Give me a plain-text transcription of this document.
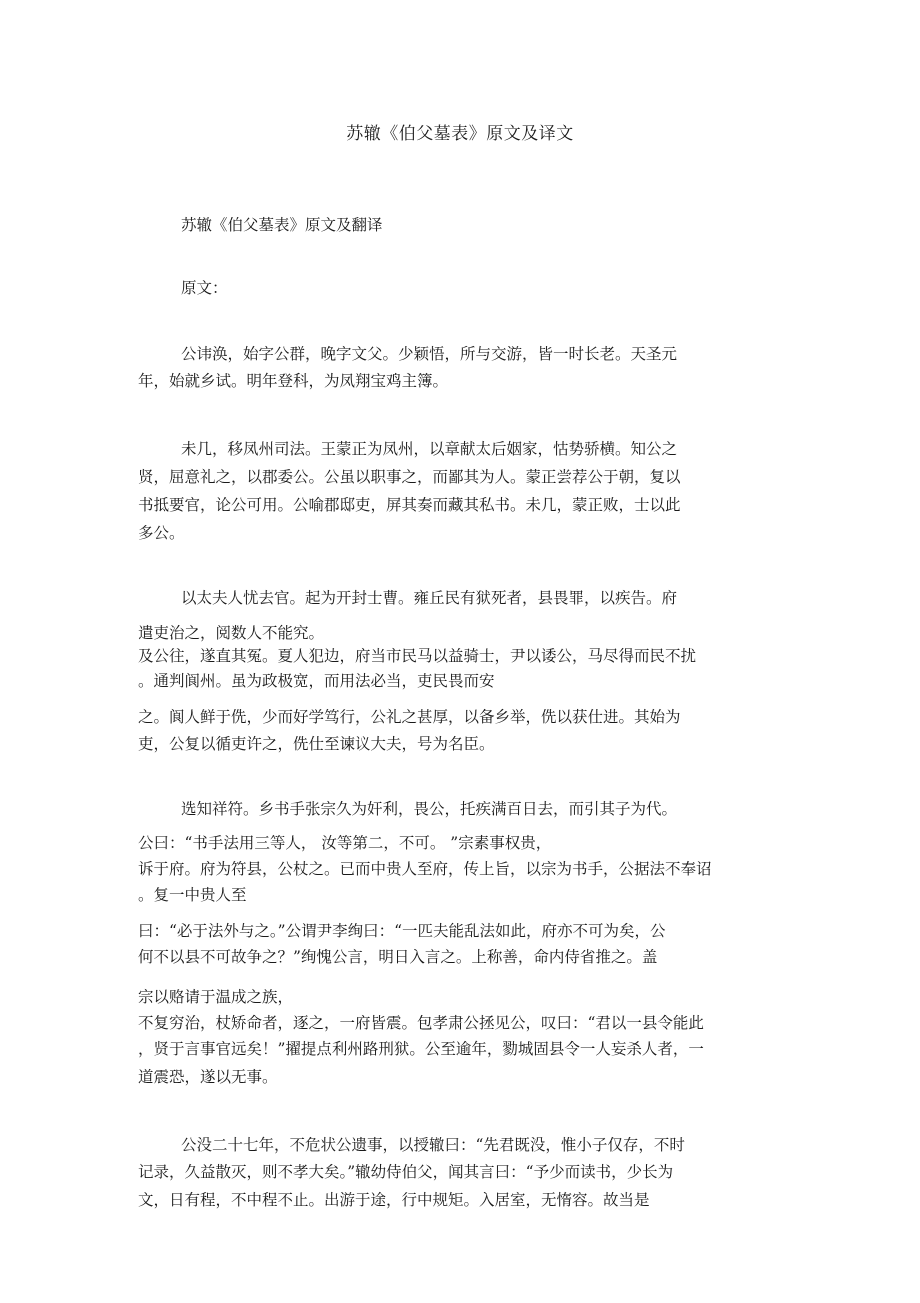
苏辙《伯父墓表》原文及译文
苏辙《伯父墓表》原文及翻译
原文：
公讳涣，始字公群，晚字文父。少颖悟，所与交游，皆一时长老。天圣元
年，始就乡试。明年登科，为凤翔宝鸡主簿。
未几，移凤州司法。王蒙正为凤州，以章献太后姻家，怙势骄横。知公之
贤，屈意礼之，以郡委公。公虽以职事之，而鄙其为人。蒙正尝荐公于朝，复以
书抵要官，论公可用。公喻郡邸吏，屏其奏而藏其私书。未几，蒙正败，士以此
多公。
以太夫人忧去官。起为开封士曹。雍丘民有狱死者，县畏罪，以疾告。府
遣吏治之，阅数人不能究。
及公往，遂直其冤。夏人犯边，府当市民马以益骑士，尹以诿公，马尽得而民不扰
。通判阆州。虽为政极宽，而用法必当，吏民畏而安
之。阆人鲜于侁，少而好学笃行，公礼之甚厚，以备乡举，侁以获仕进。其始为
吏，公复以循吏许之，侁仕至谏议大夫，号为名臣。
选知祥符。乡书手张宗久为奸利，畏公，托疾满百日去，而引其子为代。
公曰：“书手法用三等人， 汝等第二，不可。 ”宗素事权贵，
诉于府。府为符县，公杖之。已而中贵人至府，传上旨，以宗为书手，公据法不奉诏
。复一中贵人至
曰：“必于法外与之。”公谓尹李绚曰：“一匹夫能乱法如此，府亦不可为矣，公
何不以县不可故争之？”绚愧公言，明日入言之。上称善，命内侍省推之。盖
宗以赂请于温成之族，
不复穷治，杖矫命者，逐之，一府皆震。包孝肃公拯见公，叹曰：“君以一县令能此
，贤于言事官远矣！”擢提点利州路刑狱。公至逾年，勠城固县令一人妄杀人者，一
道震恐，遂以无事。
公没二十七年，不危状公遗事，以授辙曰：“先君既没，惟小子仅存，不时
记录，久益散灭，则不孝大矣。”辙幼侍伯父，闻其言曰：“予少而读书，少长为
文，日有程，不中程不止。出游于途，行中规矩。入居室，无惰容。故当是
